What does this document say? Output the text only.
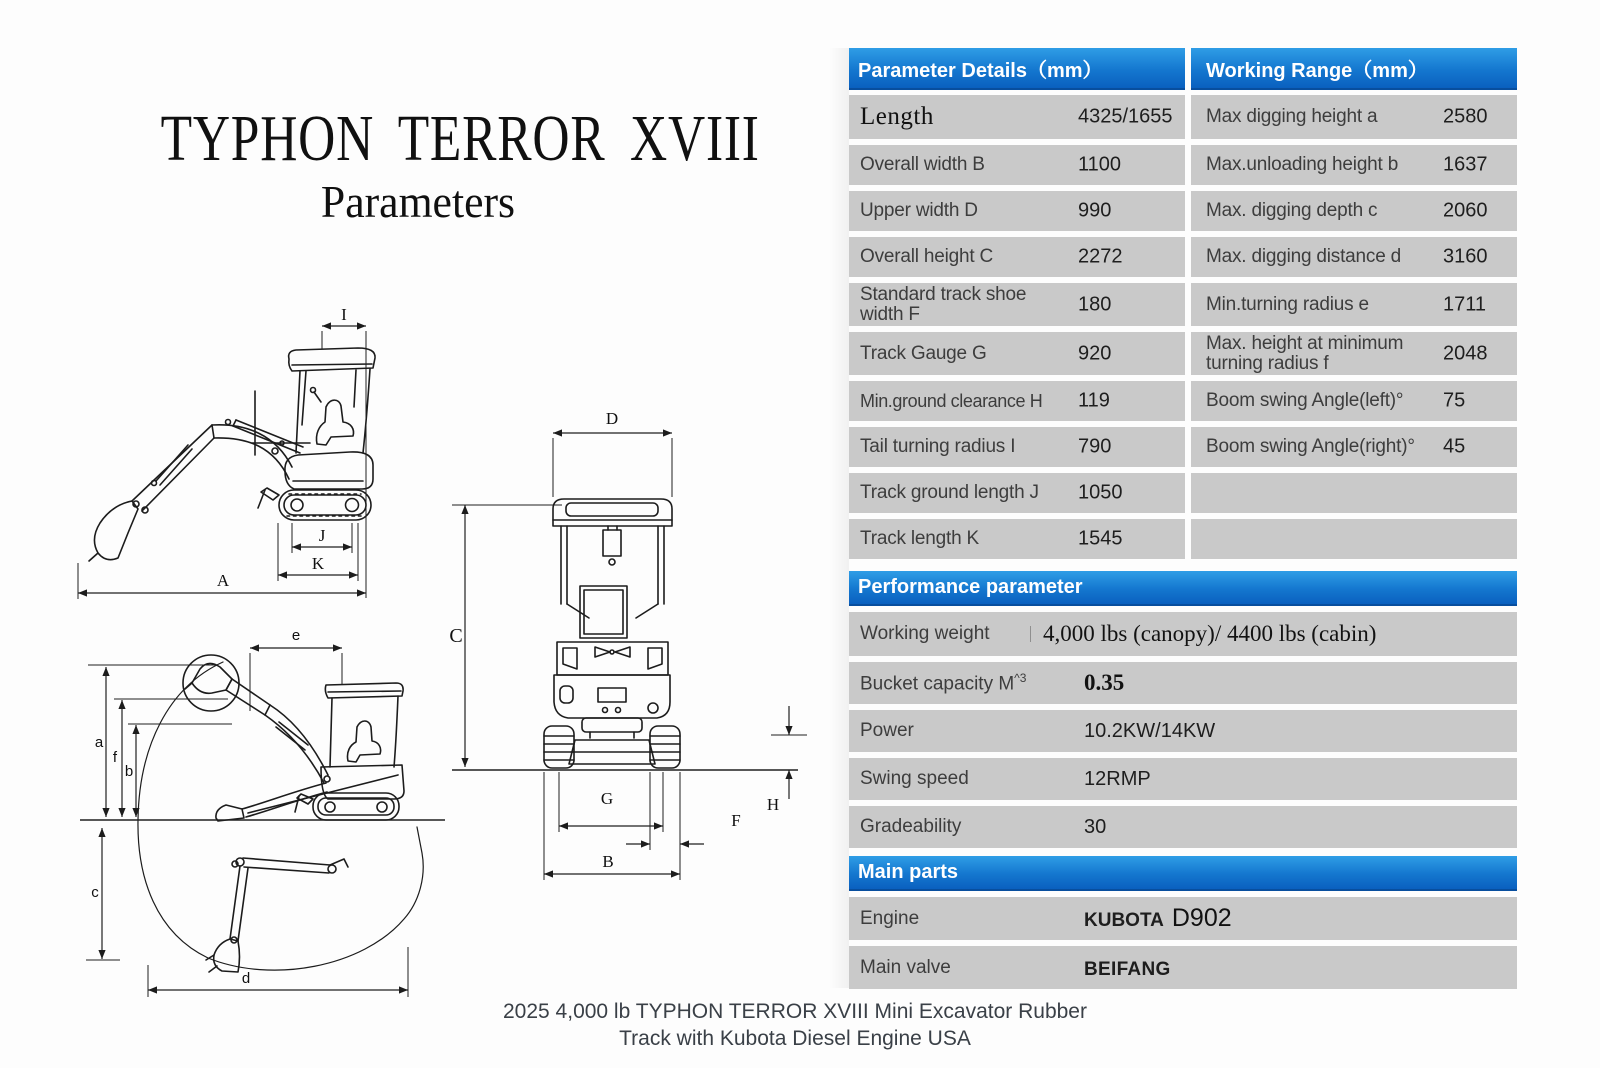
TYPHON TERROR XVIII
Parameters
I
J
K
A
D
C
H
G
F
B
e
a
f
b
c
d
Parameter Details（mm）	Working Range（mm）
Length	4325/1655 Max digging height a	2580
Overall width B	1100	Max.unloading height b	1637
Upper width D	990	Max. digging depth c	2060
Overall height C	2272	Max. digging distance d	3160
Standard track shoe width F	180	Min.turning radius e	1711
Track Gauge G	920	Max. height at minimum turning radius f	2048
Min.ground clearance H	119	Boom swing Angle(left)°	75
Tail turning radius I	790	Boom swing Angle(right)°	45
Track ground length J	1050
Track length K	1545
Performance parameter
Working weight	4,000 lbs (canopy)/ 4400 lbs (cabin)
Bucket capacity $M^{\^{}3}$	0.35
Power	10.2KW/14KW
Swing speed	12RMP
Gradeability	30
Main parts
Engine	KUBOTA D902
Main valve	BEIFANG
2025 4,000 lb TYPHON TERROR XVIII Mini Excavator Rubber
Track with Kubota Diesel Engine USA
